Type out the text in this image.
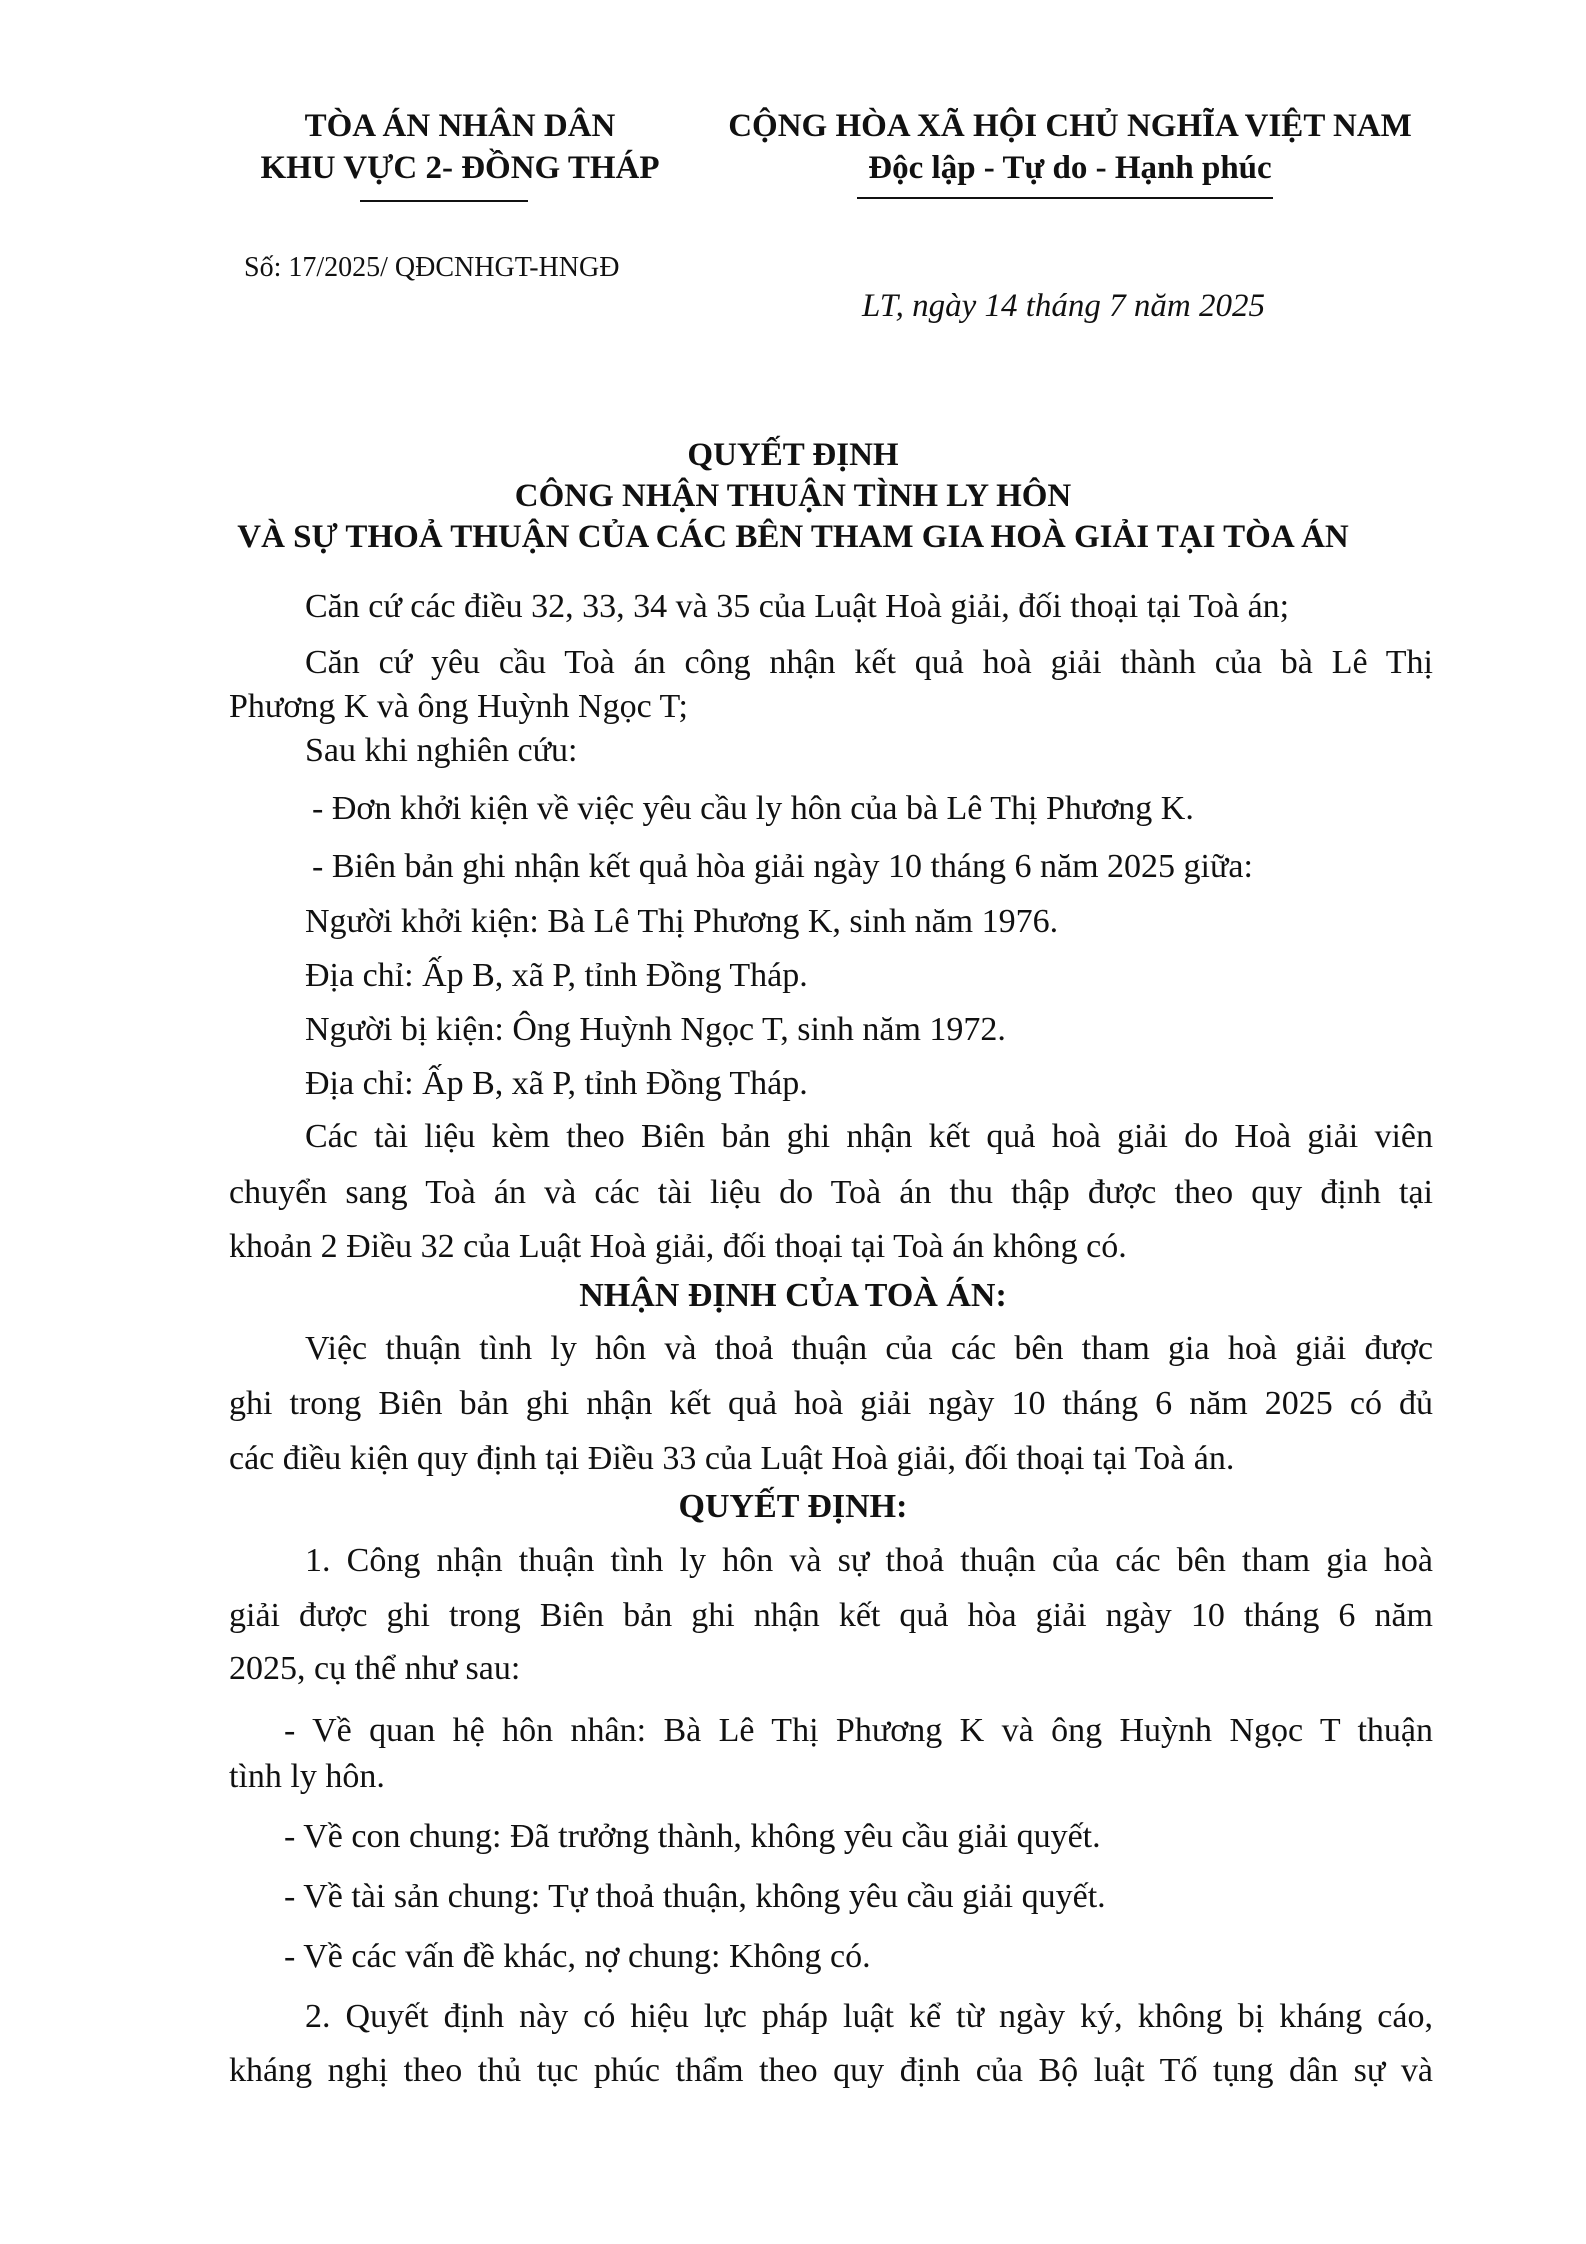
TÒA ÁN NHÂN DÂN
KHU VỰC 2- ĐỒNG THÁP
CỘNG HÒA XÃ HỘI CHỦ NGHĨA VIỆT NAM
Độc lập - Tự do - Hạnh phúc
Số: 17/2025/ QĐCNHGT-HNGĐ
LT, ngày 14 tháng 7 năm 2025
QUYẾT ĐỊNH
CÔNG NHẬN THUẬN TÌNH LY HÔN
VÀ SỰ THOẢ THUẬN CỦA CÁC BÊN THAM GIA HOÀ GIẢI TẠI TÒA ÁN
Căn cứ các điều 32, 33, 34 và 35 của Luật Hoà giải, đối thoại tại Toà án;
Căn cứ yêu cầu Toà án công nhận kết quả hoà giải thành của bà Lê Thị
Phương K và ông Huỳnh Ngọc T;
Sau khi nghiên cứu:
- Đơn khởi kiện về việc yêu cầu ly hôn của bà Lê Thị Phương K.
- Biên bản ghi nhận kết quả hòa giải ngày 10 tháng 6 năm 2025 giữa:
Người khởi kiện: Bà Lê Thị Phương K, sinh năm 1976.
Địa chỉ: Ấp B, xã P, tỉnh Đồng Tháp.
Người bị kiện: Ông Huỳnh Ngọc T, sinh năm 1972.
Địa chỉ: Ấp B, xã P, tỉnh Đồng Tháp.
Các tài liệu kèm theo Biên bản ghi nhận kết quả hoà giải do Hoà giải viên
chuyển sang Toà án và các tài liệu do Toà án thu thập được theo quy định tại
khoản 2 Điều 32 của Luật Hoà giải, đối thoại tại Toà án không có.
NHẬN ĐỊNH CỦA TOÀ ÁN:
Việc thuận tình ly hôn và thoả thuận của các bên tham gia hoà giải được
ghi trong Biên bản ghi nhận kết quả hoà giải ngày 10 tháng 6 năm 2025 có đủ
các điều kiện quy định tại Điều 33 của Luật Hoà giải, đối thoại tại Toà án.
QUYẾT ĐỊNH:
1. Công nhận thuận tình ly hôn và sự thoả thuận của các bên tham gia hoà
giải được ghi trong Biên bản ghi nhận kết quả hòa giải ngày 10 tháng 6 năm
2025, cụ thể như sau:
- Về quan hệ hôn nhân: Bà Lê Thị Phương K và ông Huỳnh Ngọc T thuận
tình ly hôn.
- Về con chung: Đã trưởng thành, không yêu cầu giải quyết.
- Về tài sản chung: Tự thoả thuận, không yêu cầu giải quyết.
- Về các vấn đề khác, nợ chung: Không có.
2. Quyết định này có hiệu lực pháp luật kể từ ngày ký, không bị kháng cáo,
kháng nghị theo thủ tục phúc thẩm theo quy định của Bộ luật Tố tụng dân sự và
